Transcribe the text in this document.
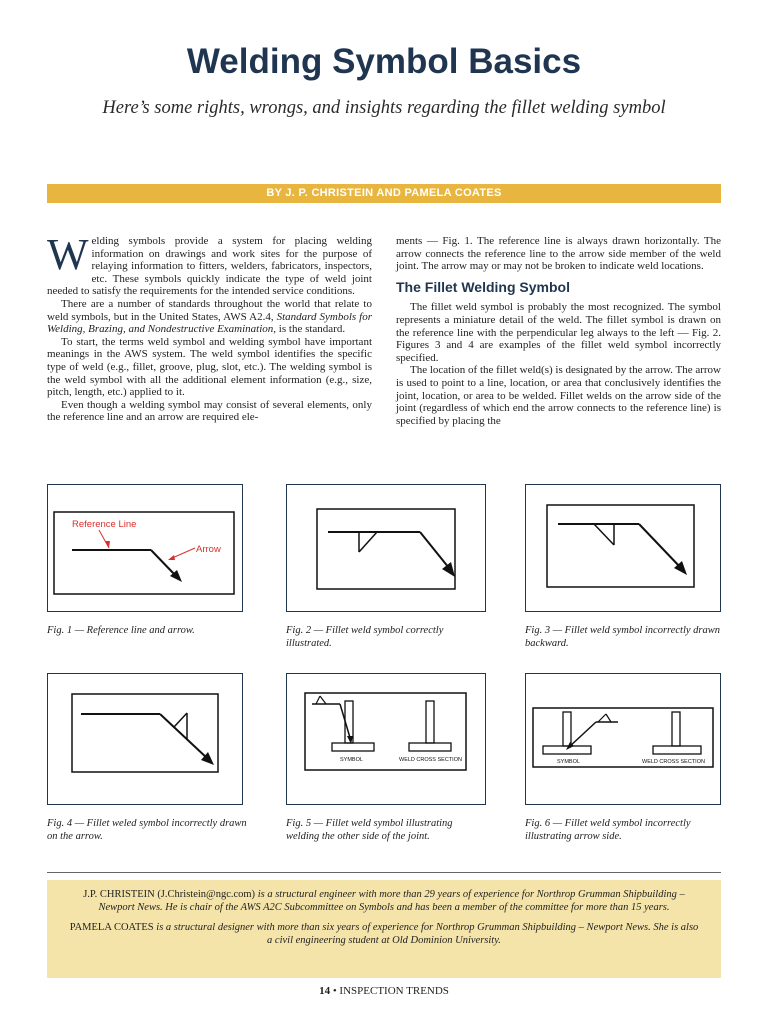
Welding Symbol Basics
Here’s some rights, wrongs, and insights regarding the fillet welding symbol
BY J. P. CHRISTEIN AND PAMELA COATES

Welding symbols provide a system for placing welding information on drawings and work sites for the purpose of relaying information to fitters, welders, fabricators, inspectors, etc. These symbols quickly indicate the type of weld joint needed to satisfy the requirements for the intended service conditions.

There are a number of standards throughout the world that relate to weld symbols, but in the United States, AWS A2.4, Standard Symbols for Welding, Brazing, and Nondestructive Examination, is the standard.

To start, the terms weld symbol and welding symbol have important meanings in the AWS system. The weld symbol identifies the specific type of weld (e.g., fillet, groove, plug, slot, etc.). The welding symbol is the weld symbol with all the additional element information (e.g., size, pitch, length, etc.) applied to it.

Even though a welding symbol may consist of several elements, only the reference line and an arrow are required ele-

ments — Fig. 1. The reference line is always drawn horizontally. The arrow connects the reference line to the arrow side member of the weld joint. The arrow may or may not be broken to indicate weld locations.

The Fillet Welding Symbol

The fillet weld symbol is probably the most recognized. The symbol represents a miniature detail of the weld. The fillet symbol is drawn on the reference line with the perpendicular leg always to the left — Fig. 2. Figures 3 and 4 are examples of the fillet weld symbol incorrectly specified.

The location of the fillet weld(s) is designated by the arrow. The arrow is used to point to a line, location, or area that conclusively identifies the joint, location, or area to be welded. Fillet welds on the arrow side of the joint (regardless of which end the arrow connects to the reference line) is specified by placing the

Reference Line
Arrow
Fig. 1 — Reference line and arrow.	Fig. 2 — Fillet weld symbol correctly illustrated.
Fig. 3 — Fillet weld symbol incorrectly drawn backward.
Fig. 4 — Fillet weled symbol incorrectly drawn on the arrow.
SYMBOL	WELD CROSS SECTION
Fig. 5 — Fillet weld symbol illustrating welding the other side of the joint.
SYMBOL	WELD CROSS SECTION
Fig. 6 — Fillet weld symbol incorrectly illustrating arrow side.

J.P. CHRISTEIN (J.Christein@ngc.com) is a structural engineer with more than 29 years of experience for Northrop Grumman Shipbuilding – Newport News. He is chair of the AWS A2C Subcommittee on Symbols and has been a member of the committee for more than 15 years.

PAMELA COATES is a structural designer with more than six years of experience for Northrop Grumman Shipbuilding – Newport News. She is also a civil engineering student at Old Dominion University.

14 • INSPECTION TRENDS
